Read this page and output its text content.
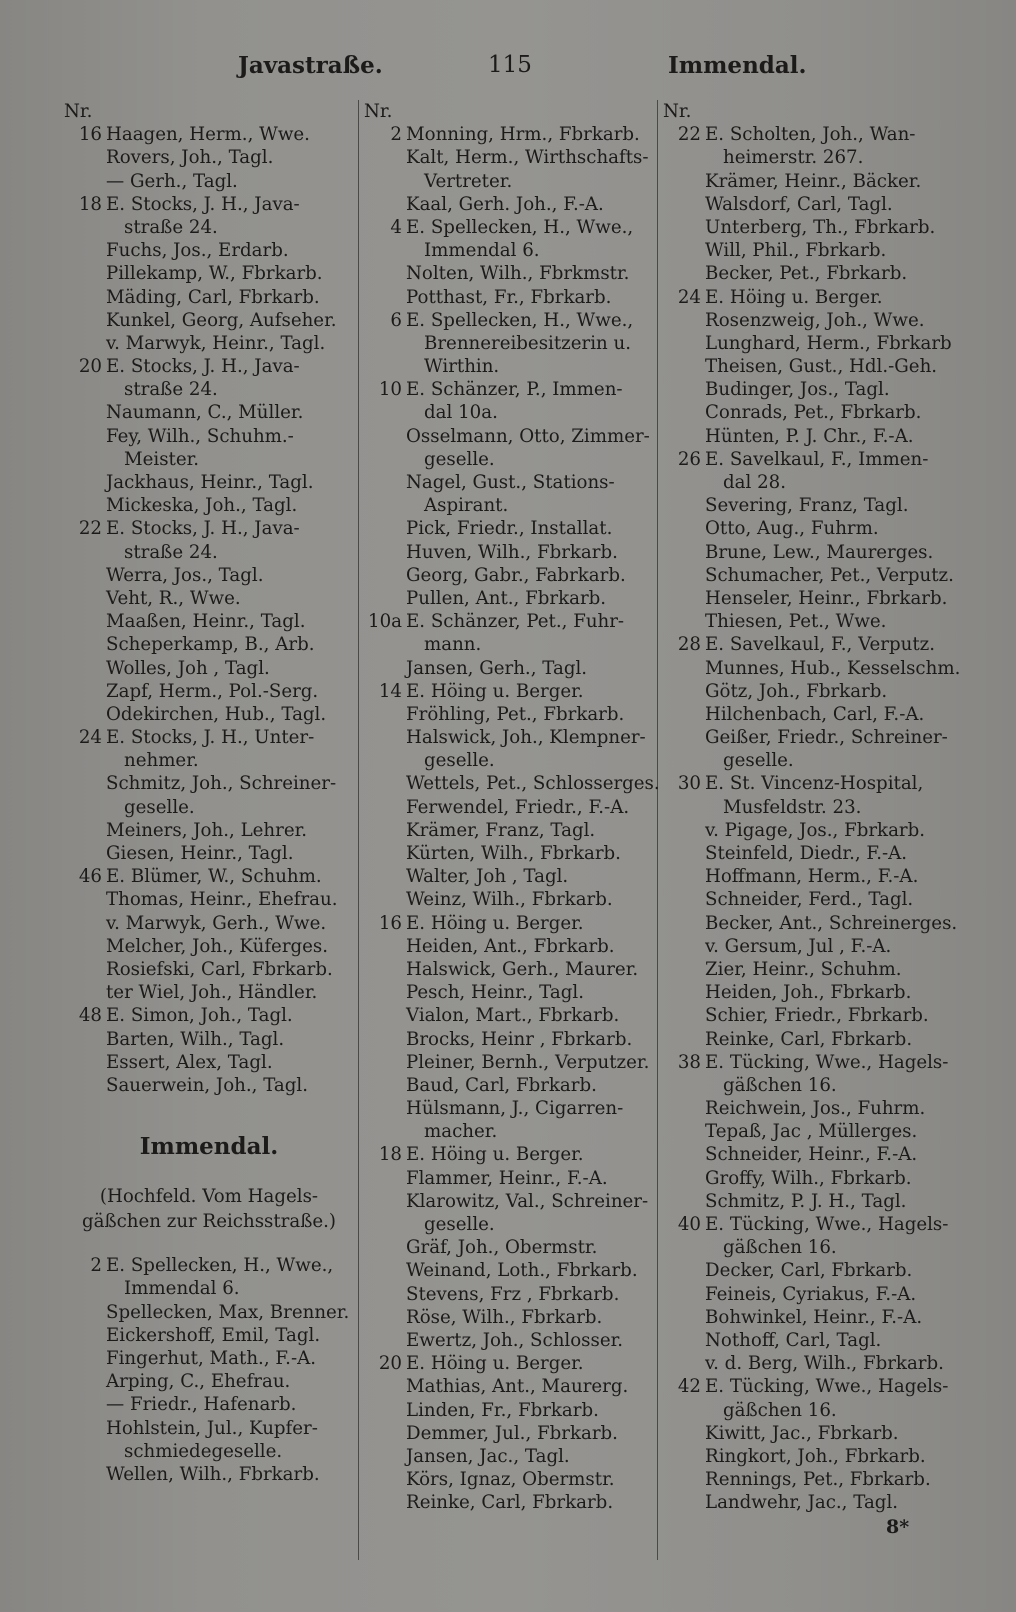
Javastraße.	115	Immendal.
Nr.
16 Haagen, Herm., Wwe.
Rovers, Joh., Tagl.
— Gerh., Tagl.
18 E. Stocks, J. H., Java-
straße 24.
Fuchs, Jos., Erdarb.
Pillekamp, W., Fbrkarb.
Mäding, Carl, Fbrkarb.
Kunkel, Georg, Aufseher.
v. Marwyk, Heinr., Tagl.
20 E. Stocks, J. H., Java-
straße 24.
Naumann, C., Müller.
Fey, Wilh., Schuhm.-
Meister.
Jackhaus, Heinr., Tagl.
Mickeska, Joh., Tagl.
22 E. Stocks, J. H., Java-
straße 24.
Werra, Jos., Tagl.
Veht, R., Wwe.
Maaßen, Heinr., Tagl.
Scheperkamp, B., Arb.
Wolles, Joh , Tagl.
Zapf, Herm., Pol.-Serg.
Odekirchen, Hub., Tagl.
24 E. Stocks, J. H., Unter-
nehmer.
Schmitz, Joh., Schreiner-
geselle.
Meiners, Joh., Lehrer.
Giesen, Heinr., Tagl.
46 E. Blümer, W., Schuhm.
Thomas, Heinr., Ehefrau.
v. Marwyk, Gerh., Wwe.
Melcher, Joh., Küferges.
Rosiefski, Carl, Fbrkarb.
ter Wiel, Joh., Händler.
48 E. Simon, Joh., Tagl.
Barten, Wilh., Tagl.
Essert, Alex, Tagl.
Sauerwein, Joh., Tagl.
Immendal.
(Hochfeld. Vom Hagels-
gäßchen zur Reichsstraße.)
2 E. Spellecken, H., Wwe.,
Immendal 6.
Spellecken, Max, Brenner.
Eickershoff, Emil, Tagl.
Fingerhut, Math., F.-A.
Arping, C., Ehefrau.
— Friedr., Hafenarb.
Hohlstein, Jul., Kupfer-
schmiedegeselle.
Wellen, Wilh., Fbrkarb.
Nr.
2 Monning, Hrm., Fbrkarb.
Kalt, Herm., Wirthschafts-
Vertreter.
Kaal, Gerh. Joh., F.-A.
4 E. Spellecken, H., Wwe.,
Immendal 6.
Nolten, Wilh., Fbrkmstr.
Potthast, Fr., Fbrkarb.
6 E. Spellecken, H., Wwe.,
Brennereibesitzerin u.
Wirthin.
10 E. Schänzer, P., Immen-
dal 10a.
Osselmann, Otto, Zimmer-
geselle.
Nagel, Gust., Stations-
Aspirant.
Pick, Friedr., Installat.
Huven, Wilh., Fbrkarb.
Georg, Gabr., Fabrkarb.
Pullen, Ant., Fbrkarb.
10a E. Schänzer, Pet., Fuhr-
mann.
Jansen, Gerh., Tagl.
14 E. Höing u. Berger.
Fröhling, Pet., Fbrkarb.
Halswick, Joh., Klempner-
geselle.
Wettels, Pet., Schlosserges.
Ferwendel, Friedr., F.-A.
Krämer, Franz, Tagl.
Kürten, Wilh., Fbrkarb.
Walter, Joh , Tagl.
Weinz, Wilh., Fbrkarb.
16 E. Höing u. Berger.
Heiden, Ant., Fbrkarb.
Halswick, Gerh., Maurer.
Pesch, Heinr., Tagl.
Vialon, Mart., Fbrkarb.
Brocks, Heinr , Fbrkarb.
Pleiner, Bernh., Verputzer.
Baud, Carl, Fbrkarb.
Hülsmann, J., Cigarren-
macher.
18 E. Höing u. Berger.
Flammer, Heinr., F.-A.
Klarowitz, Val., Schreiner-
geselle.
Gräf, Joh., Obermstr.
Weinand, Loth., Fbrkarb.
Stevens, Frz , Fbrkarb.
Röse, Wilh., Fbrkarb.
Ewertz, Joh., Schlosser.
20 E. Höing u. Berger.
Mathias, Ant., Maurerg.
Linden, Fr., Fbrkarb.
Demmer, Jul., Fbrkarb.
Jansen, Jac., Tagl.
Körs, Ignaz, Obermstr.
Reinke, Carl, Fbrkarb.
Nr.
22 E. Scholten, Joh., Wan-
heimerstr. 267.
Krämer, Heinr., Bäcker.
Walsdorf, Carl, Tagl.
Unterberg, Th., Fbrkarb.
Will, Phil., Fbrkarb.
Becker, Pet., Fbrkarb.
24 E. Höing u. Berger.
Rosenzweig, Joh., Wwe.
Lunghard, Herm., Fbrkarb
Theisen, Gust., Hdl.-Geh.
Budinger, Jos., Tagl.
Conrads, Pet., Fbrkarb.
Hünten, P. J. Chr., F.-A.
26 E. Savelkaul, F., Immen-
dal 28.
Severing, Franz, Tagl.
Otto, Aug., Fuhrm.
Brune, Lew., Maurerges.
Schumacher, Pet., Verputz.
Henseler, Heinr., Fbrkarb.
Thiesen, Pet., Wwe.
28 E. Savelkaul, F., Verputz.
Munnes, Hub., Kesselschm.
Götz, Joh., Fbrkarb.
Hilchenbach, Carl, F.-A.
Geißer, Friedr., Schreiner-
geselle.
30 E. St. Vincenz-Hospital,
Musfeldstr. 23.
v. Pigage, Jos., Fbrkarb.
Steinfeld, Diedr., F.-A.
Hoffmann, Herm., F.-A.
Schneider, Ferd., Tagl.
Becker, Ant., Schreinerges.
v. Gersum, Jul , F.-A.
Zier, Heinr., Schuhm.
Heiden, Joh., Fbrkarb.
Schier, Friedr., Fbrkarb.
Reinke, Carl, Fbrkarb.
38 E. Tücking, Wwe., Hagels-
gäßchen 16.
Reichwein, Jos., Fuhrm.
Tepaß, Jac , Müllerges.
Schneider, Heinr., F.-A.
Groffy, Wilh., Fbrkarb.
Schmitz, P. J. H., Tagl.
40 E. Tücking, Wwe., Hagels-
gäßchen 16.
Decker, Carl, Fbrkarb.
Feineis, Cyriakus, F.-A.
Bohwinkel, Heinr., F.-A.
Nothoff, Carl, Tagl.
v. d. Berg, Wilh., Fbrkarb.
42 E. Tücking, Wwe., Hagels-
gäßchen 16.
Kiwitt, Jac., Fbrkarb.
Ringkort, Joh., Fbrkarb.
Rennings, Pet., Fbrkarb.
Landwehr, Jac., Tagl.
8*
